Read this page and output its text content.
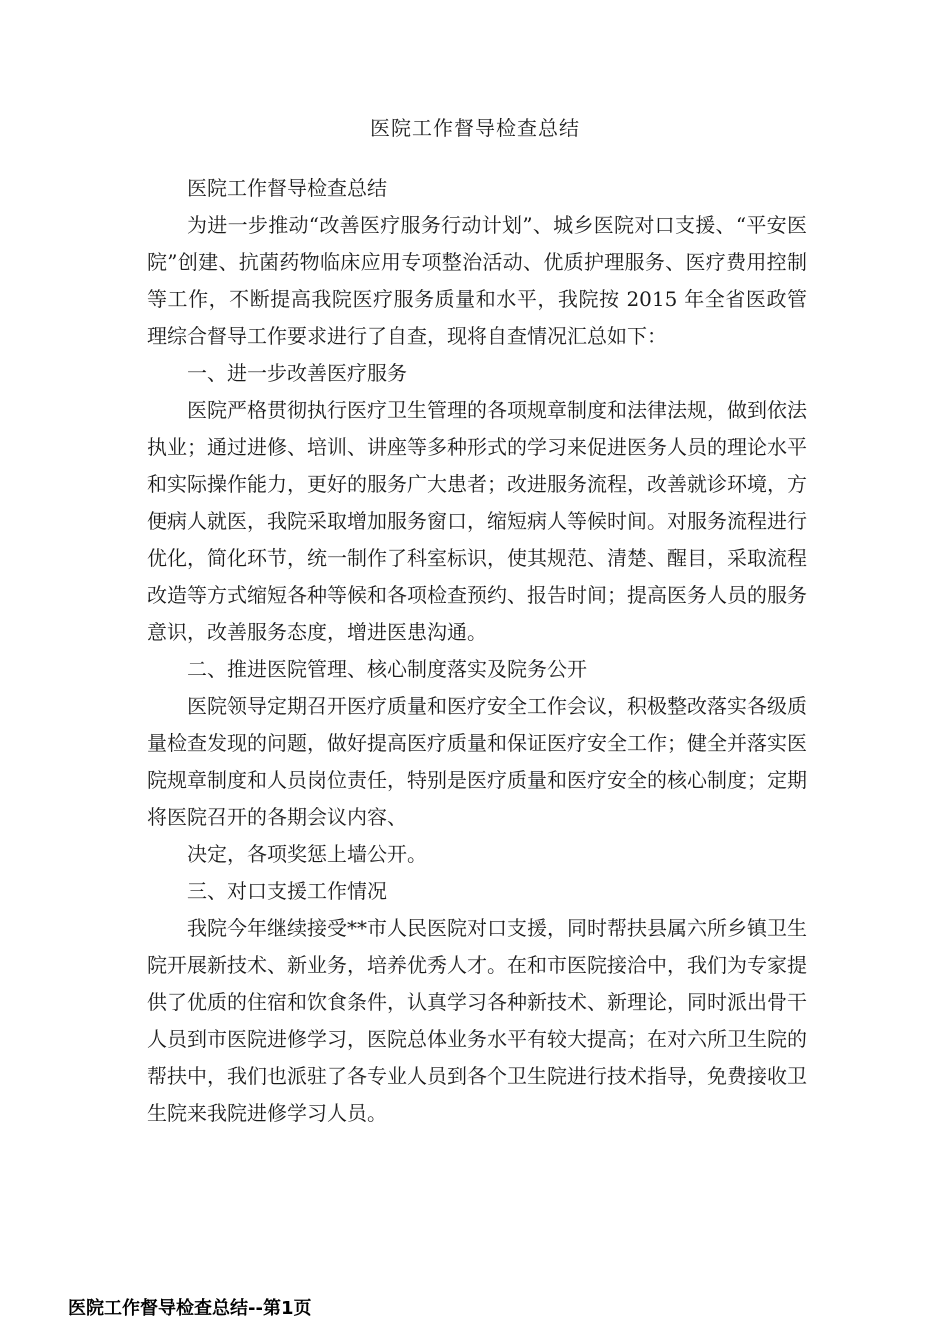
医院工作督导检查总结

医院工作督导检查总结

为进一步推动“改善医疗服务行动计划”、城乡医院对口支援、“平安医院”创建、抗菌药物临床应用专项整治活动、优质护理服务、医疗费用控制等工作，不断提高我院医疗服务质量和水平，我院按 2015 年全省医政管理综合督导工作要求进行了自查，现将自查情况汇总如下：

一、进一步改善医疗服务

医院严格贯彻执行医疗卫生管理的各项规章制度和法律法规，做到依法执业；通过进修、培训、讲座等多种形式的学习来促进医务人员的理论水平和实际操作能力，更好的服务广大患者；改进服务流程，改善就诊环境，方便病人就医，我院采取增加服务窗口，缩短病人等候时间。对服务流程进行优化，简化环节，统一制作了科室标识，使其规范、清楚、醒目，采取流程改造等方式缩短各种等候和各项检查预约、报告时间；提高医务人员的服务意识，改善服务态度，增进医患沟通。

二、推进医院管理、核心制度落实及院务公开

医院领导定期召开医疗质量和医疗安全工作会议，积极整改落实各级质量检查发现的问题，做好提高医疗质量和保证医疗安全工作；健全并落实医院规章制度和人员岗位责任，特别是医疗质量和医疗安全的核心制度；定期将医院召开的各期会议内容、

决定，各项奖惩上墙公开。

三、对口支援工作情况

我院今年继续接受**市人民医院对口支援，同时帮扶县属六所乡镇卫生院开展新技术、新业务，培养优秀人才。在和市医院接洽中，我们为专家提供了优质的住宿和饮食条件，认真学习各种新技术、新理论，同时派出骨干人员到市医院进修学习，医院总体业务水平有较大提高；在对六所卫生院的帮扶中，我们也派驻了各专业人员到各个卫生院进行技术指导，免费接收卫生院来我院进修学习人员。

医院工作督导检查总结--第1页
